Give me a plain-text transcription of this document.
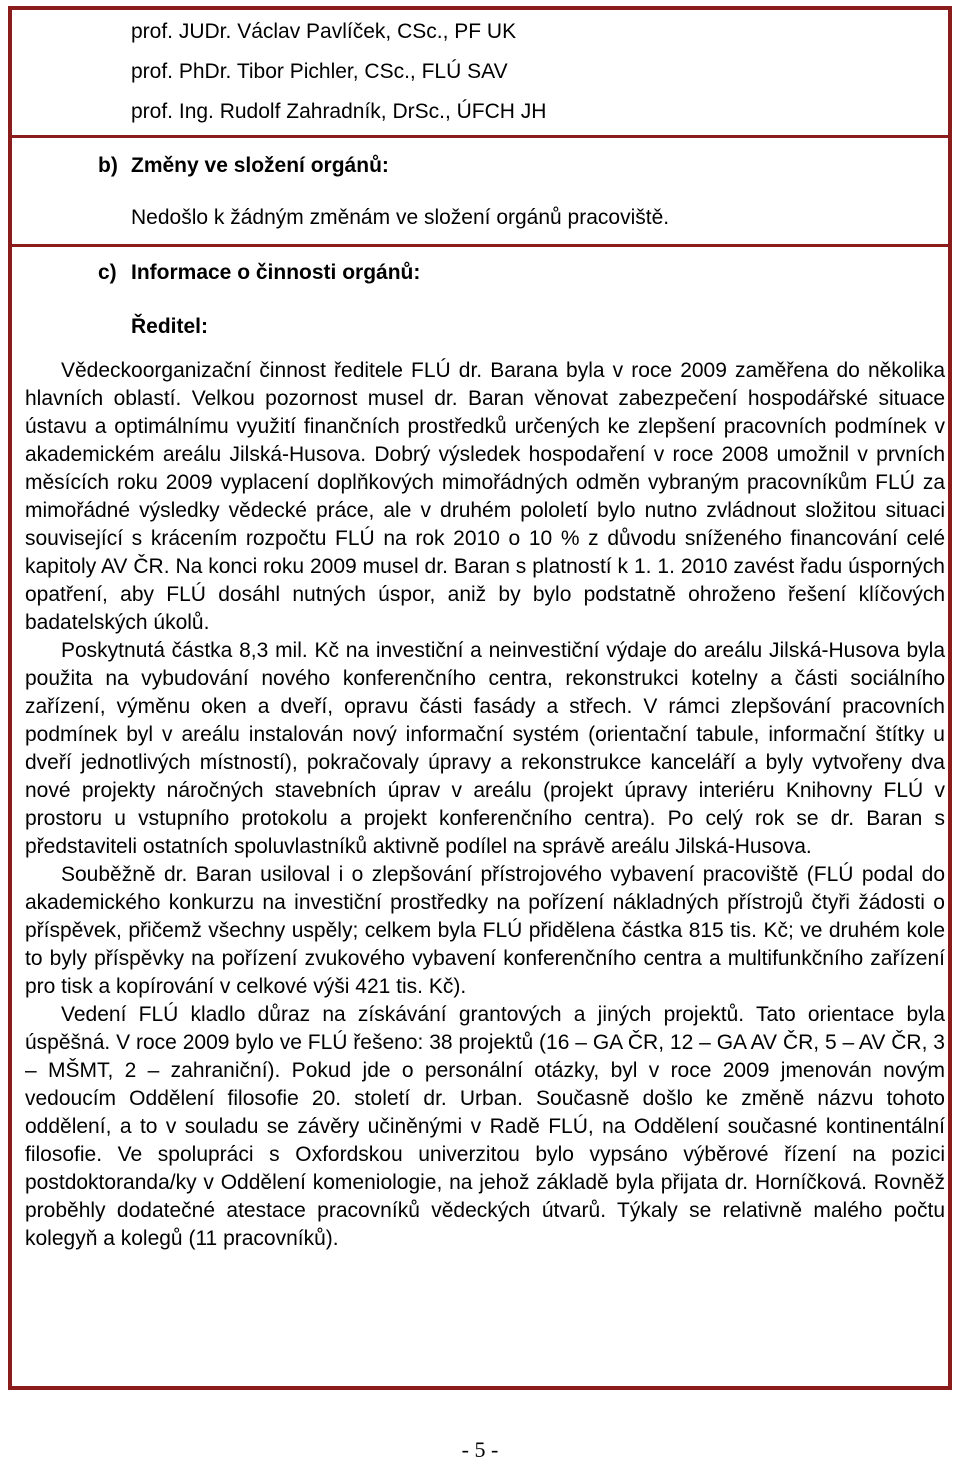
prof. JUDr. Václav Pavlíček, CSc., PF UK
prof. PhDr. Tibor Pichler, CSc., FLÚ SAV
prof. Ing. Rudolf Zahradník, DrSc., ÚFCH JH
b) Změny ve složení orgánů:
Nedošlo k žádným změnám ve složení orgánů pracoviště.
c) Informace o činnosti orgánů:
Ředitel:

Vědeckoorganizační činnost ředitele FLÚ dr. Barana byla v roce 2009 zaměřena do několika hlavních oblastí. Velkou pozornost musel dr. Baran věnovat zabezpečení hospodářské situace ústavu a optimálnímu využití finančních prostředků určených ke zlepšení pracovních podmínek v akademickém areálu Jilská-Husova. Dobrý výsledek hospodaření v roce 2008 umožnil v prvních měsících roku 2009 vyplacení doplňkových mimořádných odměn vybraným pracovníkům FLÚ za mimořádné výsledky vědecké práce, ale v druhém pololetí bylo nutno zvládnout složitou situaci související s krácením rozpočtu FLÚ na rok 2010 o 10 % z důvodu sníženého financování celé kapitoly AV ČR. Na konci roku 2009 musel dr. Baran s platností k 1. 1. 2010 zavést řadu úsporných opatření, aby FLÚ dosáhl nutných úspor, aniž by bylo podstatně ohroženo řešení klíčových badatelských úkolů.

Poskytnutá částka 8,3 mil. Kč na investiční a neinvestiční výdaje do areálu Jilská-Husova byla použita na vybudování nového konferenčního centra, rekonstrukci kotelny a části sociálního zařízení, výměnu oken a dveří, opravu části fasády a střech. V rámci zlepšování pracovních podmínek byl v areálu instalován nový informační systém (orientační tabule, informační štítky u dveří jednotlivých místností), pokračovaly úpravy a rekonstrukce kanceláří a byly vytvořeny dva nové projekty náročných stavebních úprav v areálu (projekt úpravy interiéru Knihovny FLÚ v prostoru u vstupního protokolu a projekt konferenčního centra). Po celý rok se dr. Baran s představiteli ostatních spoluvlastníků aktivně podílel na správě areálu Jilská-Husova.

Souběžně dr. Baran usiloval i o zlepšování přístrojového vybavení pracoviště (FLÚ podal do akademického konkurzu na investiční prostředky na pořízení nákladných přístrojů čtyři žádosti o příspěvek, přičemž všechny uspěly; celkem byla FLÚ přidělena částka 815 tis. Kč; ve druhém kole to byly příspěvky na pořízení zvukového vybavení konferenčního centra a multifunkčního zařízení pro tisk a kopírování v celkové výši 421 tis. Kč).

Vedení FLÚ kladlo důraz na získávání grantových a jiných projektů. Tato orientace byla úspěšná. V roce 2009 bylo ve FLÚ řešeno: 38 projektů (16 – GA ČR, 12 – GA AV ČR, 5 – AV ČR, 3 – MŠMT, 2 – zahraniční). Pokud jde o personální otázky, byl v roce 2009 jmenován novým vedoucím Oddělení filosofie 20. století dr. Urban. Současně došlo ke změně názvu tohoto oddělení, a to v souladu se závěry učiněnými v Radě FLÚ, na Oddělení současné kontinentální filosofie. Ve spolupráci s Oxfordskou univerzitou bylo vypsáno výběrové řízení na pozici postdoktoranda/ky v Oddělení komeniologie, na jehož základě byla přijata dr. Horníčková. Rovněž proběhly dodatečné atestace pracovníků vědeckých útvarů. Týkaly se relativně malého počtu kolegyň a kolegů (11 pracovníků).

- 5 -
